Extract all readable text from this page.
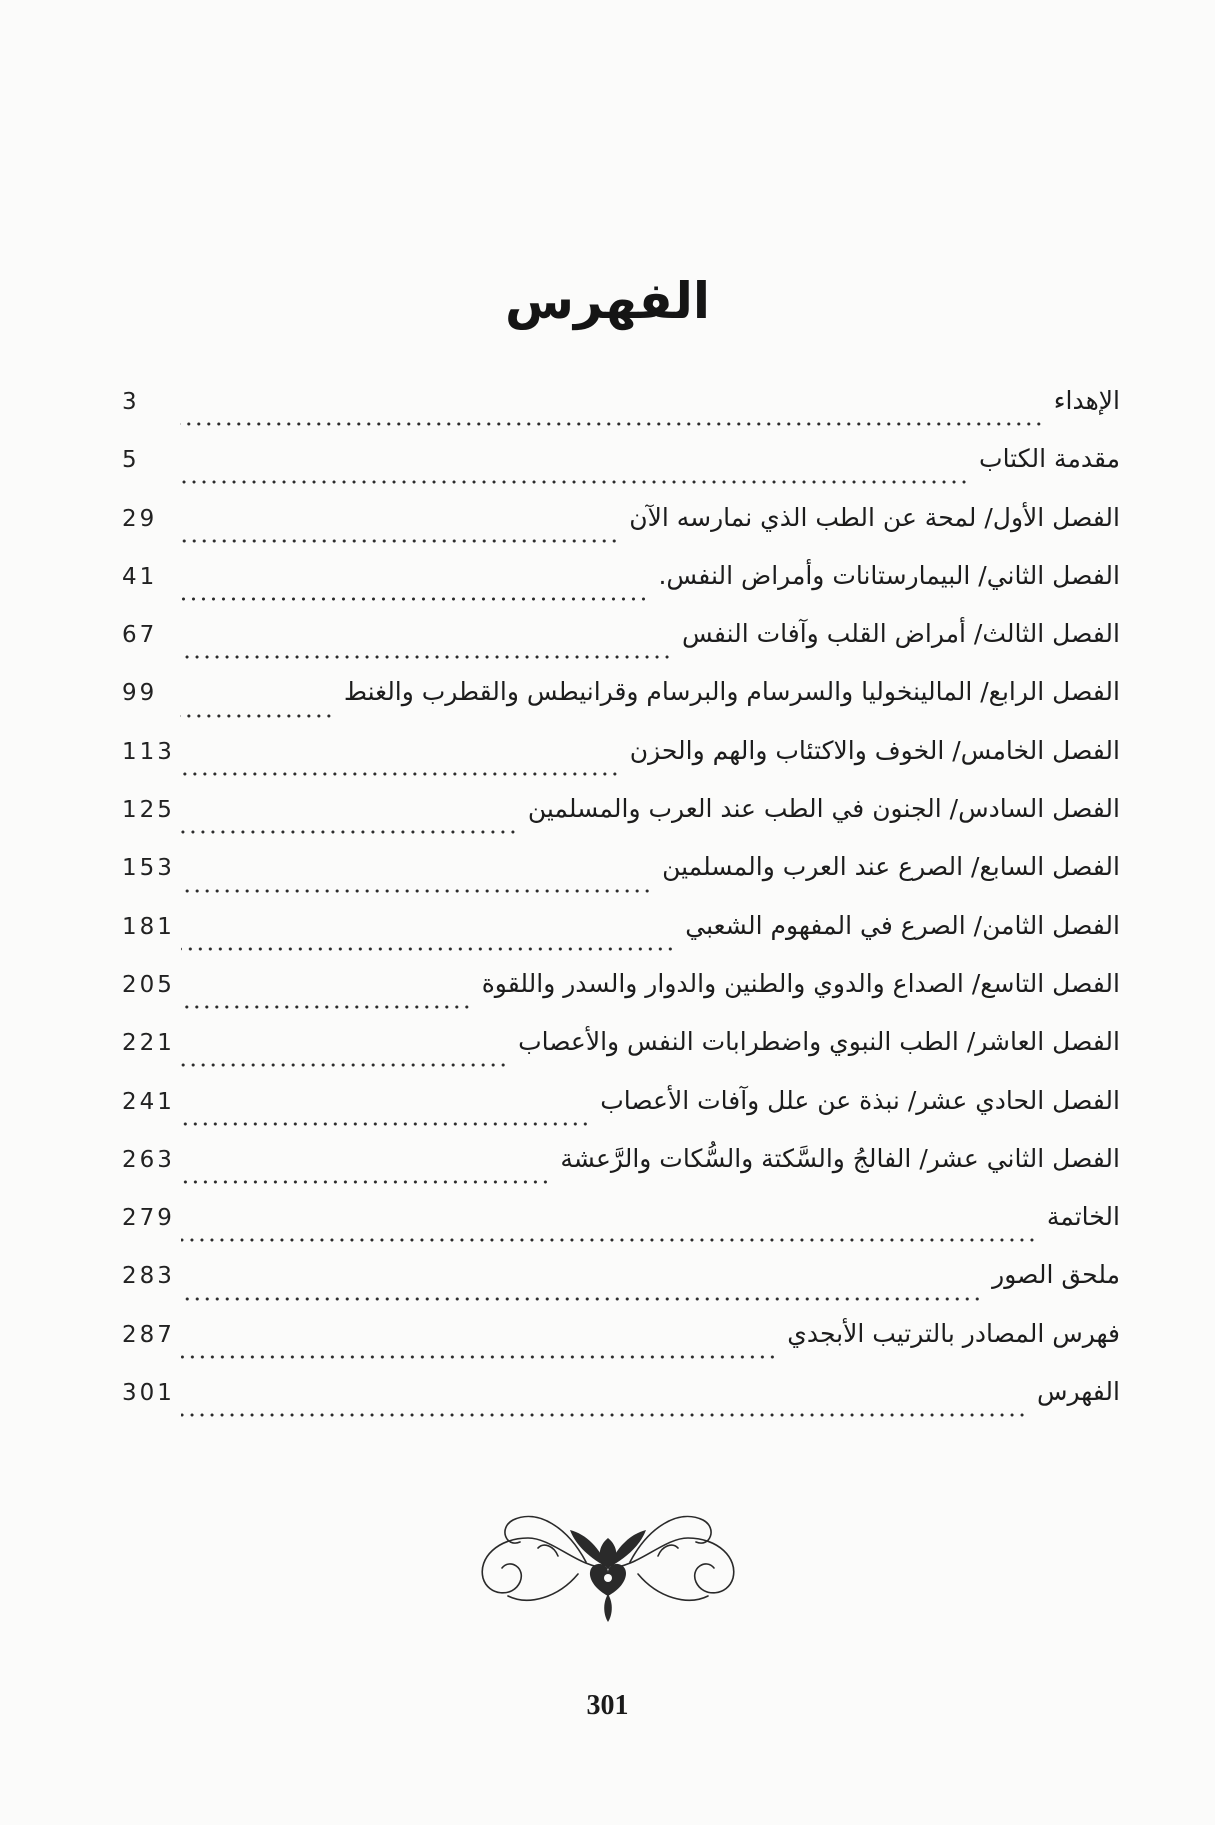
الفهرس
الإهداء
3
مقدمة الكتاب
5
الفصل الأول/ لمحة عن الطب الذي نمارسه الآن
29
الفصل الثاني/ البيمارستانات وأمراض النفس.
41
الفصل الثالث/ أمراض القلب وآفات النفس
67
الفصل الرابع/ المالينخوليا والسرسام والبرسام وقرانيطس والقطرب والغنط
99
الفصل الخامس/ الخوف والاكتئاب والهم والحزن
113
الفصل السادس/ الجنون في الطب عند العرب والمسلمين
125
الفصل السابع/ الصرع عند العرب والمسلمين
153
الفصل الثامن/ الصرع في المفهوم الشعبي
181
الفصل التاسع/ الصداع والدوي والطنين والدوار والسدر واللقوة
205
الفصل العاشر/ الطب النبوي واضطرابات النفس والأعصاب
221
الفصل الحادي عشر/ نبذة عن علل وآفات الأعصاب
241
الفصل الثاني عشر/ الفالجُ والسَّكتة والسُّكات والرَّعشة
263
الخاتمة
279
ملحق الصور
283
فهرس المصادر بالترتيب الأبجدي
287
الفهرس
301
301
